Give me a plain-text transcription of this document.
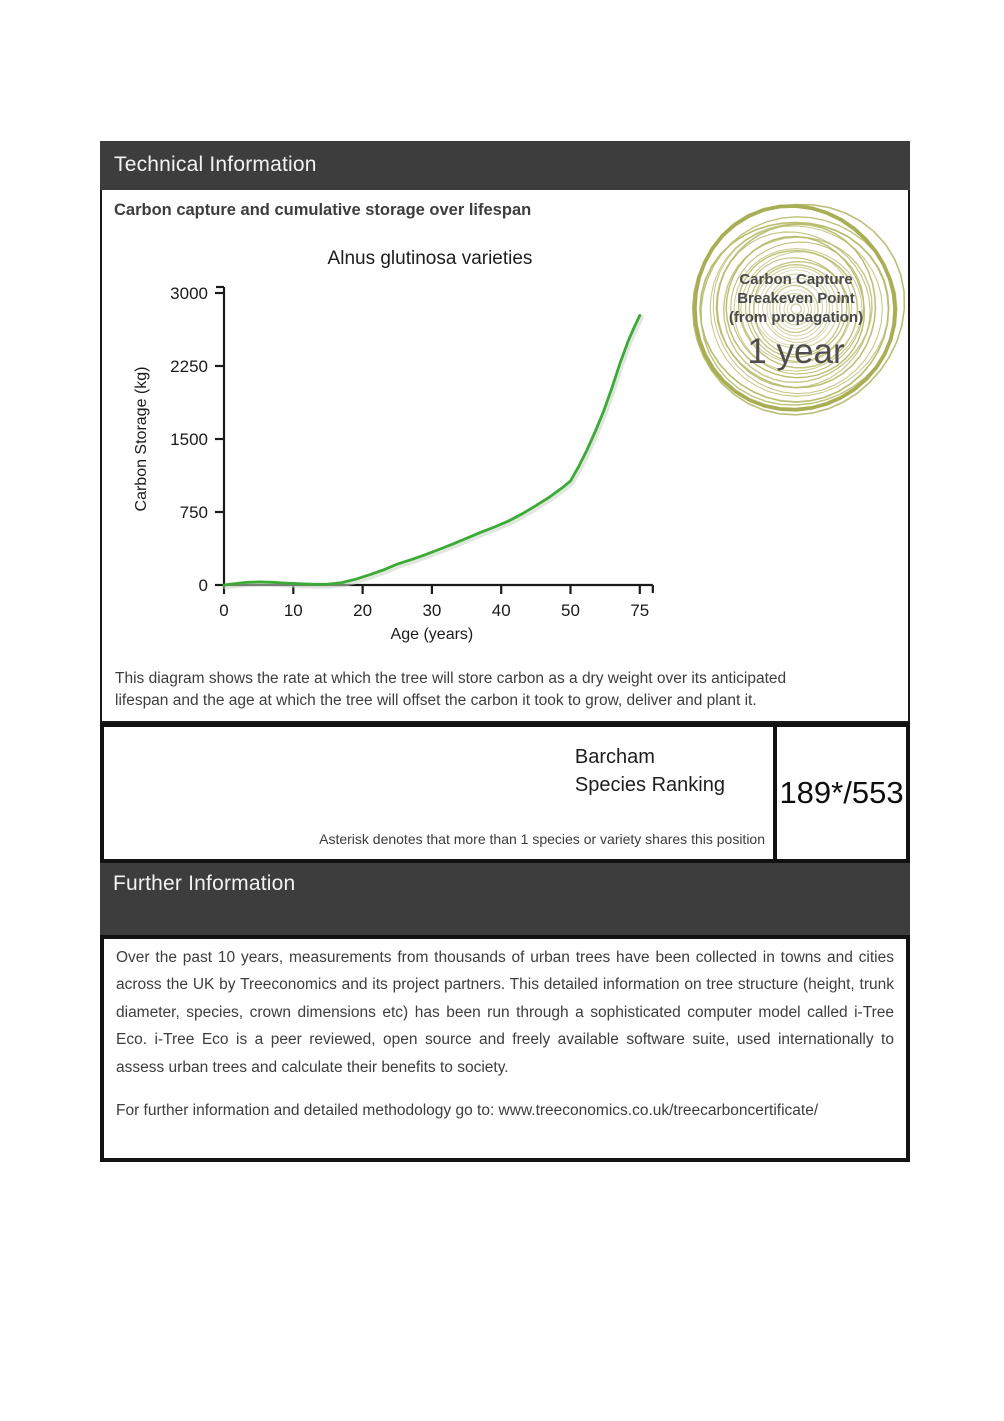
Technical Information
Carbon capture and cumulative storage over lifespan
Alnus glutinosa varieties
0
750
1500
2250
3000
0	10	20	30	40	50	75
Age (years)
Carbon Storage (kg)
Carbon Capture
Breakeven Point
(from propagation)
1 year
This diagram shows the rate at which the tree will store carbon as a dry weight over its anticipated
lifespan and the age at which the tree will offset the carbon it took to grow, deliver and plant it.
Barcham
Species Ranking
Asterisk denotes that more than 1 species or variety shares this position
189*/553
Further Information
Over the past 10 years, measurements from thousands of urban trees have been collected in towns and cities across the UK by Treeconomics and its project partners. This detailed information on tree structure (height, trunk diameter, species, crown dimensions etc) has been run through a sophisticated computer model called i-Tree Eco. i-Tree Eco is a peer reviewed, open source and freely available software suite, used internationally to assess urban trees and calculate their benefits to society.
For further information and detailed methodology go to: www.treeconomics.co.uk/treecarboncertificate/
